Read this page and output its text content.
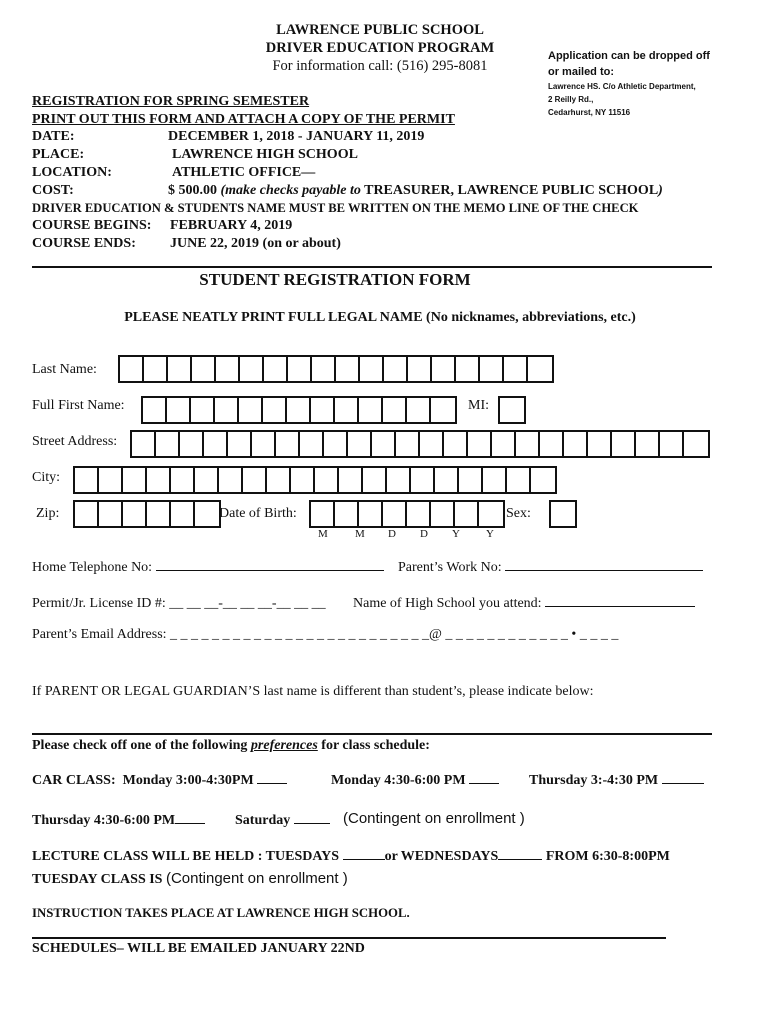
LAWRENCE PUBLIC SCHOOL
DRIVER EDUCATION PROGRAM
For information call: (516) 295-8081
Application can be dropped off
or mailed to:
Lawrence HS. C/o Athletic Department,
2 Reilly Rd.,
Cedarhurst, NY 11516
REGISTRATION FOR SPRING SEMESTER
PRINT OUT THIS FORM AND ATTACH A COPY OF THE PERMIT
DATE:	DECEMBER 1, 2018 - JANUARY 11, 2019
PLACE:	LAWRENCE HIGH SCHOOL
LOCATION:	ATHLETIC OFFICE—
COST:	$ 500.00 (make checks payable to TREASURER, LAWRENCE PUBLIC SCHOOL)
DRIVER EDUCATION & STUDENTS NAME MUST BE WRITTEN ON THE MEMO LINE OF THE CHECK
COURSE BEGINS: FEBRUARY 4, 2019
COURSE ENDS: JUNE 22, 2019 (on or about)
STUDENT REGISTRATION FORM
PLEASE NEATLY PRINT FULL LEGAL NAME (No nicknames, abbreviations, etc.)
Last Name:
Full First Name:	MI:
Street Address:
City:
Zip:	Date of Birth:	Sex:
M M D D Y Y
Home Telephone No:	Parent’s Work No:
Permit/Jr. License ID #: __ __ __-__ __ __-__ __ __ Name of High School you attend:
Parent’s Email Address: _ _ _ _ _ _ _ _ _ _ _ _ _ _ _ _ _ _ _ _ _ _ _ _ _@ _ _ _ _ _ _ _ _ _ _ _ _ • _ _ _ _
If PARENT OR LEGAL GUARDIAN’S last name is different than student’s, please indicate below:
Please check off one of the following preferences for class schedule:
CAR CLASS: Monday 3:00-4:30PM	Monday 4:30-6:00 PM	Thursday 3:-4:30 PM
Thursday 4:30-6:00 PM	Saturday	(Contingent on enrollment )
LECTURE CLASS WILL BE HELD : TUESDAYS	or WEDNESDAYS	FROM 6:30-8:00PM
TUESDAY CLASS IS (Contingent on enrollment )
INSTRUCTION TAKES PLACE AT LAWRENCE HIGH SCHOOL.
SCHEDULES– WILL BE EMAILED JANUARY 22ND
